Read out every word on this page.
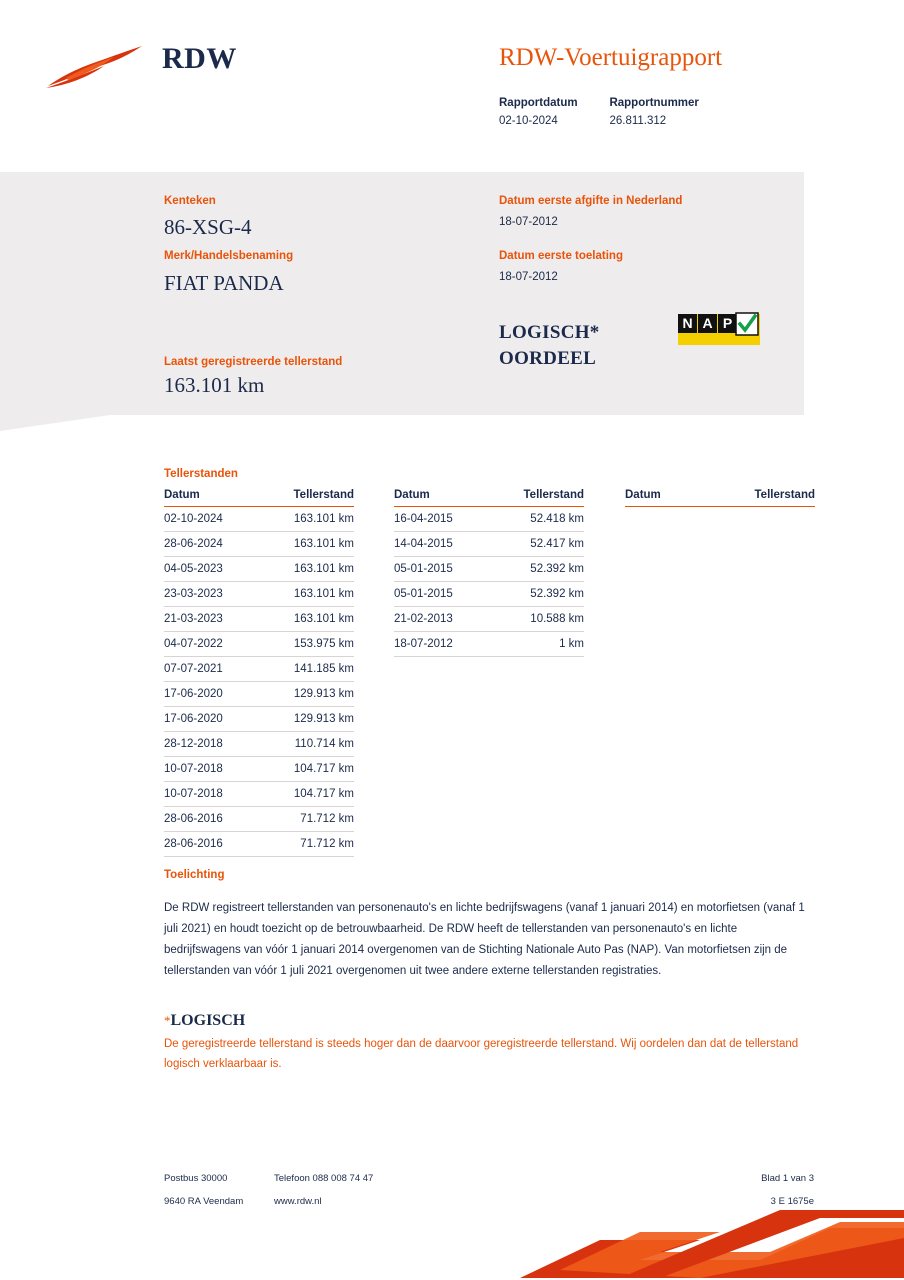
RDW	RDW-Voertuigrapport
Rapportdatum
02-10-2024

Rapportnummer
26.811.312
Kenteken
86-XSG-4
Merk/Handelsbenaming
FIAT PANDA
Laatst geregistreerde tellerstand
163.101 km
Datum eerste afgifte in Nederland
18-07-2012
Datum eerste toelating
18-07-2012
LOGISCH*
OORDEEL
N A P
Tellerstanden
Datum	Tellerstand
02-10-2024	163.101 km
28-06-2024	163.101 km
04-05-2023	163.101 km
23-03-2023	163.101 km
21-03-2023	163.101 km
04-07-2022	153.975 km
07-07-2021	141.185 km
17-06-2020	129.913 km
17-06-2020	129.913 km
28-12-2018	110.714 km
10-07-2018	104.717 km
10-07-2018	104.717 km
28-06-2016	71.712 km
28-06-2016	71.712 km
Datum	Tellerstand
16-04-2015	52.418 km
14-04-2015	52.417 km
05-01-2015	52.392 km
05-01-2015	52.392 km
21-02-2013	10.588 km
18-07-2012	1 km
Datum	Tellerstand
Toelichting
De RDW registreert tellerstanden van personenauto's en lichte bedrijfswagens (vanaf 1 januari 2014) en motorfietsen (vanaf 1 juli 2021) en houdt toezicht op de betrouwbaarheid. De RDW heeft de tellerstanden van personenauto's en lichte bedrijfswagens van vóór 1 januari 2014 overgenomen van de Stichting Nationale Auto Pas (NAP). Van motorfietsen zijn de tellerstanden van vóór 1 juli 2021 overgenomen uit twee andere externe tellerstanden registraties.
*LOGISCH
De geregistreerde tellerstand is steeds hoger dan de daarvoor geregistreerde tellerstand. Wij oordelen dan dat de tellerstand logisch verklaarbaar is.
Postbus 30000
9640 RA Veendam
Telefoon 088 008 74 47
www.rdw.nl
Blad 1 van 3
3 E 1675e
